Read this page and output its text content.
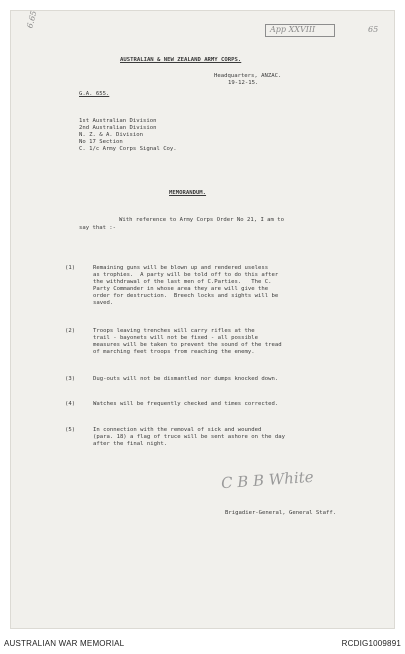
6.65
App XXVIII	65
AUSTRALIAN & NEW ZEALAND ARMY CORPS.
Headquarters, ANZAC.
19-12-15.
G.A. 655.
1st Australian Division
2nd Australian Division
N. Z. & A. Division
No 17 Section
C. 1/c Army Corps Signal Coy.
MEMORANDUM.
With reference to Army Corps Order No 21, I am to
say that :-
(1)	Remaining guns will be blown up and rendered useless
as trophies.  A party will be told off to do this after
the withdrawal of the last men of C.Parties.   The C.
Party Commander in whose area they are will give the
order for destruction.  Breech locks and sights will be
saved.
(2)	Troops leaving trenches will carry rifles at the
trail - bayonets will not be fixed - all possible
measures will be taken to prevent the sound of the tread
of marching feet troops from reaching the enemy.
(3)	Dug-outs will not be dismantled nor dumps knocked down.
(4)	Watches will be frequently checked and times corrected.
(5)	In connection with the removal of sick and wounded
(para. 18) a flag of truce will be sent ashore on the day
after the final night.
C B B White
Brigadier-General, General Staff.
AUSTRALIAN WAR MEMORIAL	RCDIG1009891
